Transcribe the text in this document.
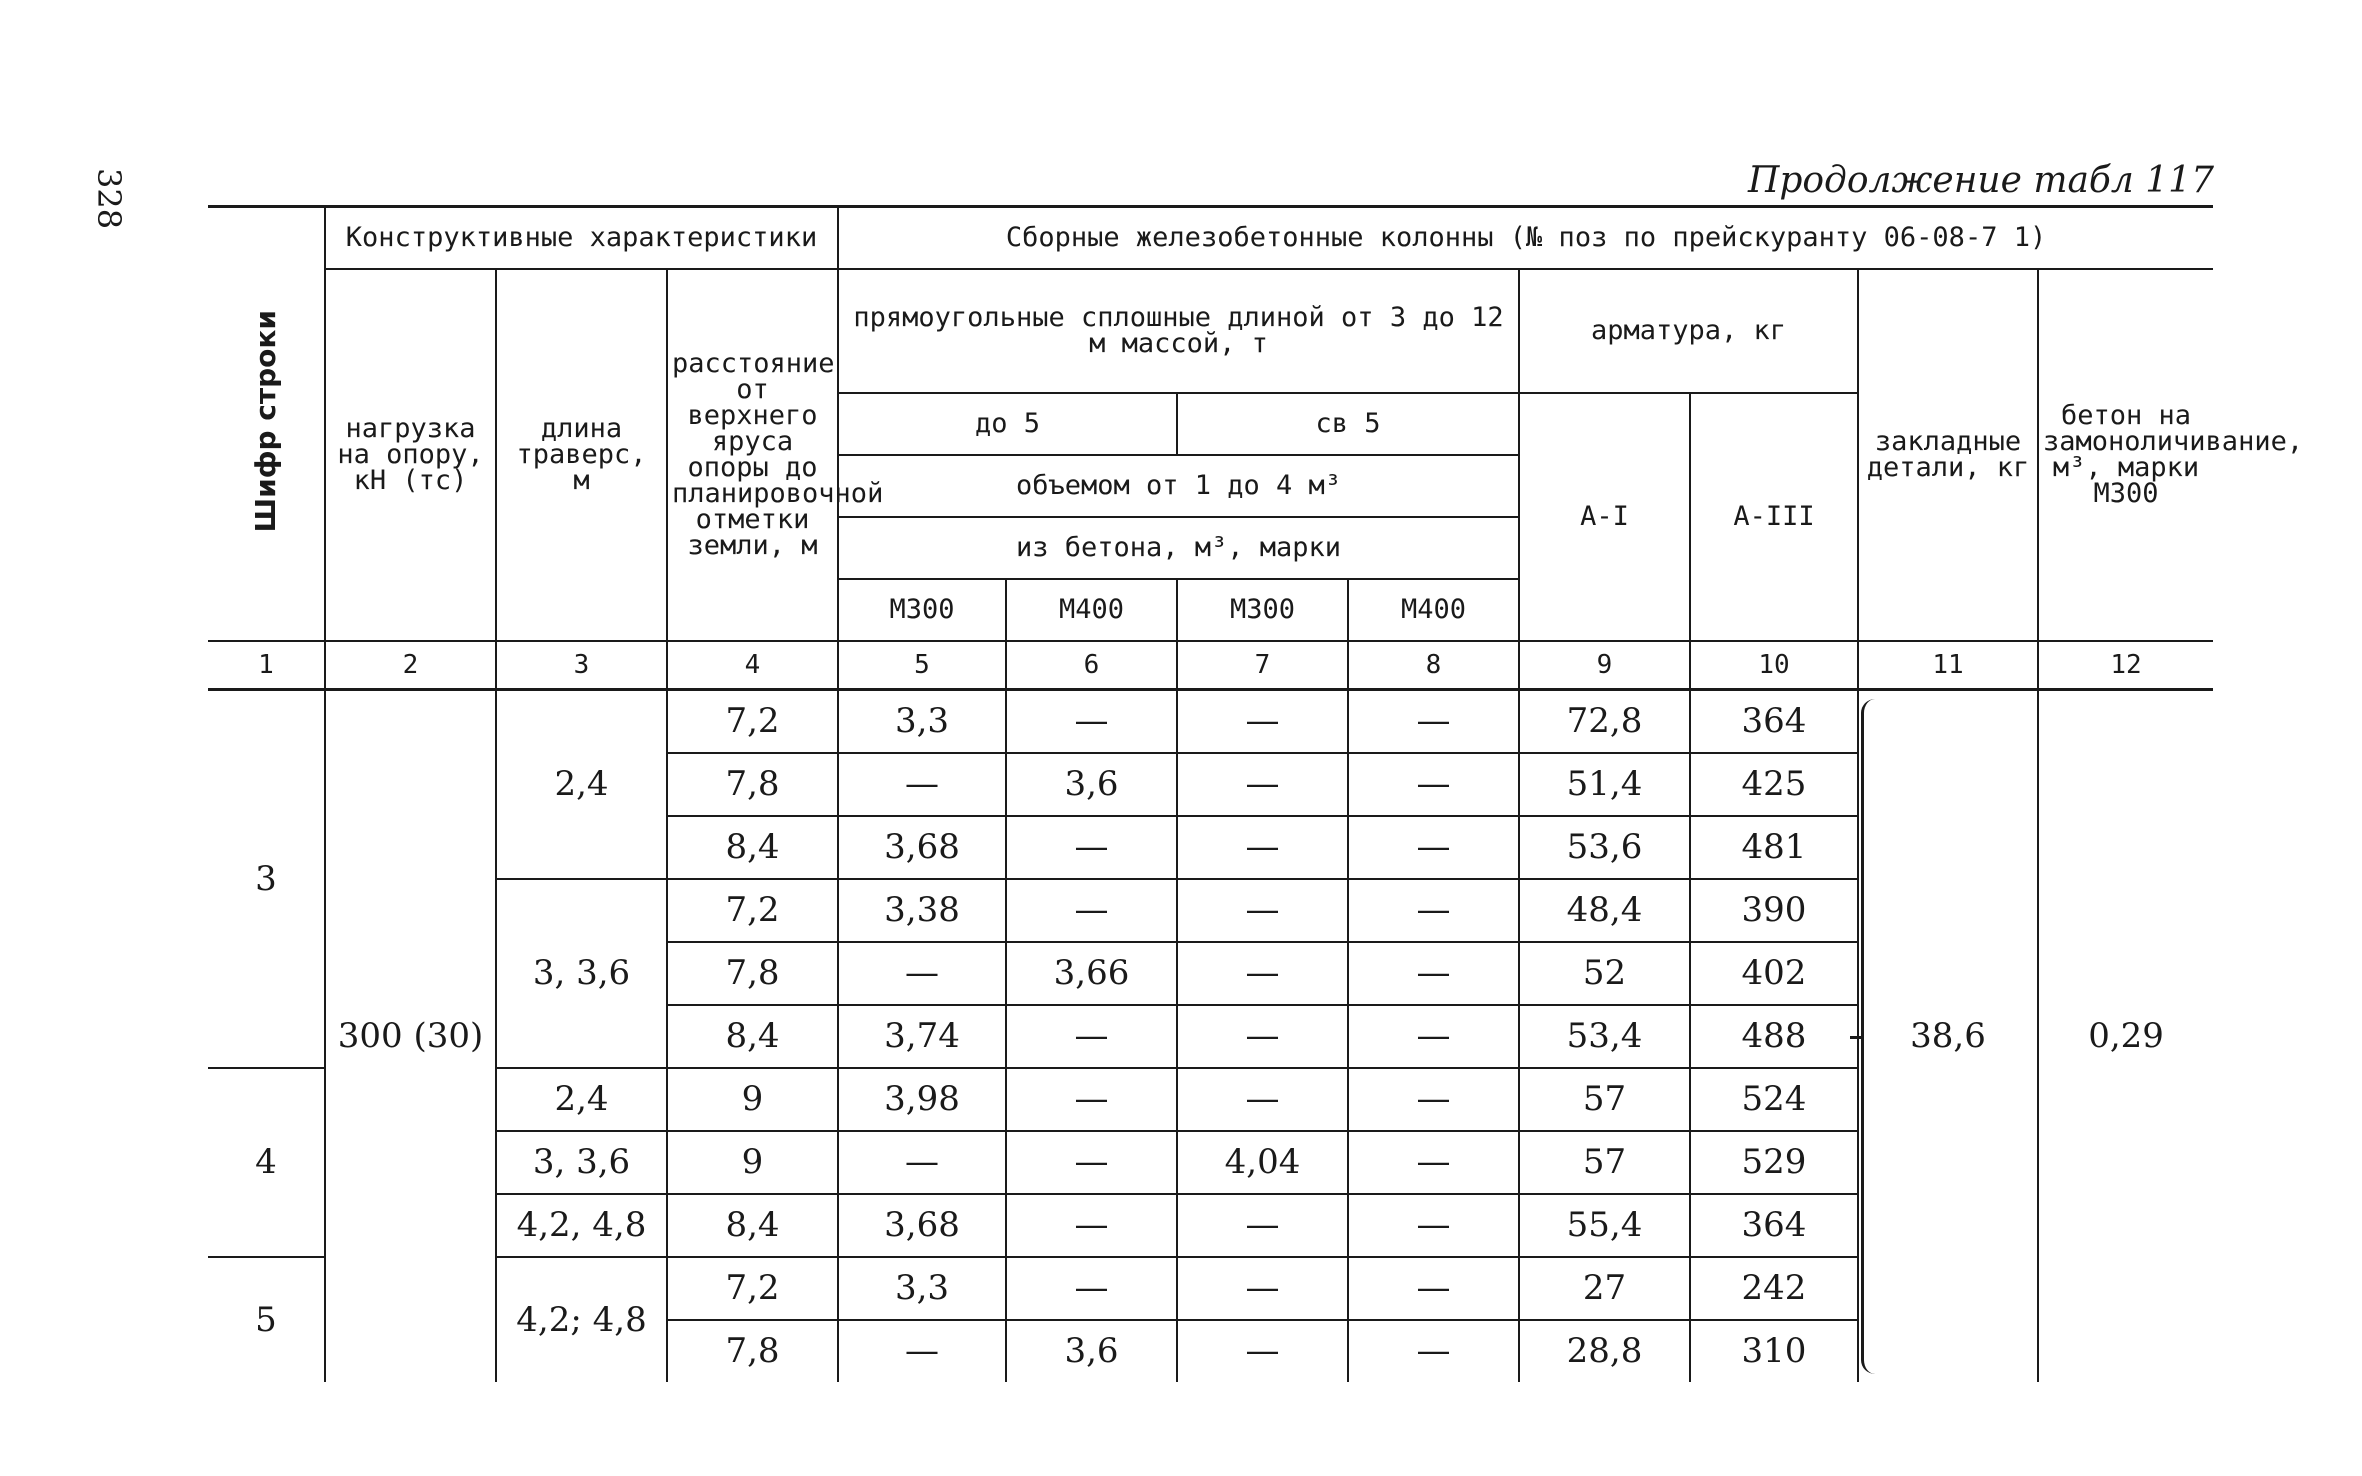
328	Продолжение табл 117
Шифр строки	Конструктивные характеристики			Сборные железобетонные колонны (№ поз по прейскуранту 06-08-7 1)							
	нагрузка на опору, кН (тс)	длина траверс, м	расстояние от верхнего яруса опоры до планировочной отметки земли, м	прямоугольные сплошные длиной от 3 до 12 м массой, т				арматура, кг		закладные детали, кг	бетон на замоноличивание, м³, марки М300
				до 5		св 5		А-I	А-III		
				объемом от 1 до 4 м³							
				из бетона, м³, марки							
				М300	М400	М300	М400				
1	2	3	4	5	6	7	8	9	10	11	12
3	300 (30)	2,4	7,2	3,3	—	—	—	72,8	364	38,6	0,29
			7,8	—	3,6	—	—	51,4	425		
			8,4	3,68	—	—	—	53,6	481		
		3, 3,6	7,2	3,38	—	—	—	48,4	390		
			7,8	—	3,66	—	—	52	402		
			8,4	3,74	—	—	—	53,4	488		
4		2,4	9	3,98	—	—	—	57	524		
		3, 3,6	9	—	—	4,04	—	57	529		
		4,2, 4,8	8,4	3,68	—	—	—	55,4	364		
5		4,2; 4,8	7,2	3,3	—	—	—	27	242		
			7,8	—	3,6	—	—	28,8	310		
